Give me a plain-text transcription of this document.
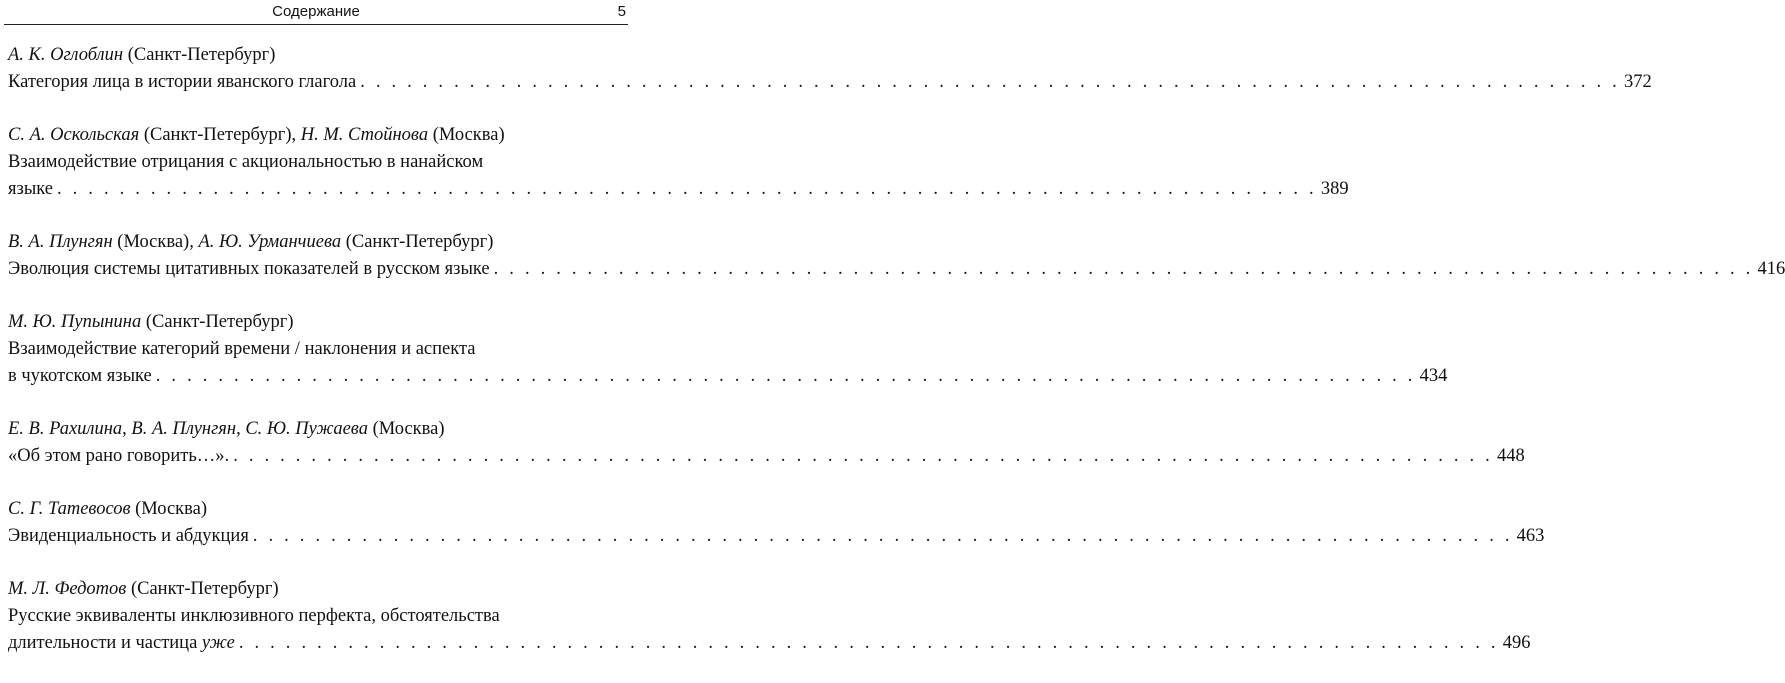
Содержание	5
А. К. Оглоблин (Санкт-Петербург)
Категория лица в истории яванского глагола . . . . . . . . . . . . . . . . . . . . . . . . . . . . . . . . . . . . . . . . . . . . . . . . . . . . . . . . . . . . . . . . . . . . . . . . . . . . . . . . . 372
С. А. Оскольская (Санкт-Петербург), Н. М. Стойнова (Москва)
Взаимодействие отрицания с акциональностью в нанайском
языке . . . . . . . . . . . . . . . . . . . . . . . . . . . . . . . . . . . . . . . . . . . . . . . . . . . . . . . . . . . . . . . . . . . . . . . . . . . . . . . . . 389
В. А. Плунгян (Москва), А. Ю. Урманчиева (Санкт-Петербург)
Эволюция системы цитативных показателей в русском языке . . . . . . . . . . . . . . . . . . . . . . . . . . . . . . . . . . . . . . . . . . . . . . . . . . . . . . . . . . . . . . . . . . . . . . . . . . . . . . . . . 416
М. Ю. Пупынина (Санкт-Петербург)
Взаимодействие категорий времени / наклонения и аспекта
в чукотском языке . . . . . . . . . . . . . . . . . . . . . . . . . . . . . . . . . . . . . . . . . . . . . . . . . . . . . . . . . . . . . . . . . . . . . . . . . . . . . . . . . 434
Е. В. Рахилина, В. А. Плунгян, С. Ю. Пужаева (Москва)
«Об этом рано говорить…». . . . . . . . . . . . . . . . . . . . . . . . . . . . . . . . . . . . . . . . . . . . . . . . . . . . . . . . . . . . . . . . . . . . . . . . . . . . . . . . . . 448
С. Г. Татевосов (Москва)
Эвиденциальность и абдукция . . . . . . . . . . . . . . . . . . . . . . . . . . . . . . . . . . . . . . . . . . . . . . . . . . . . . . . . . . . . . . . . . . . . . . . . . . . . . . . . . 463
М. Л. Федотов (Санкт-Петербург)
Русские эквиваленты инклюзивного перфекта, обстоятельства
длительности и частица уже . . . . . . . . . . . . . . . . . . . . . . . . . . . . . . . . . . . . . . . . . . . . . . . . . . . . . . . . . . . . . . . . . . . . . . . . . . . . . . . . . 496
